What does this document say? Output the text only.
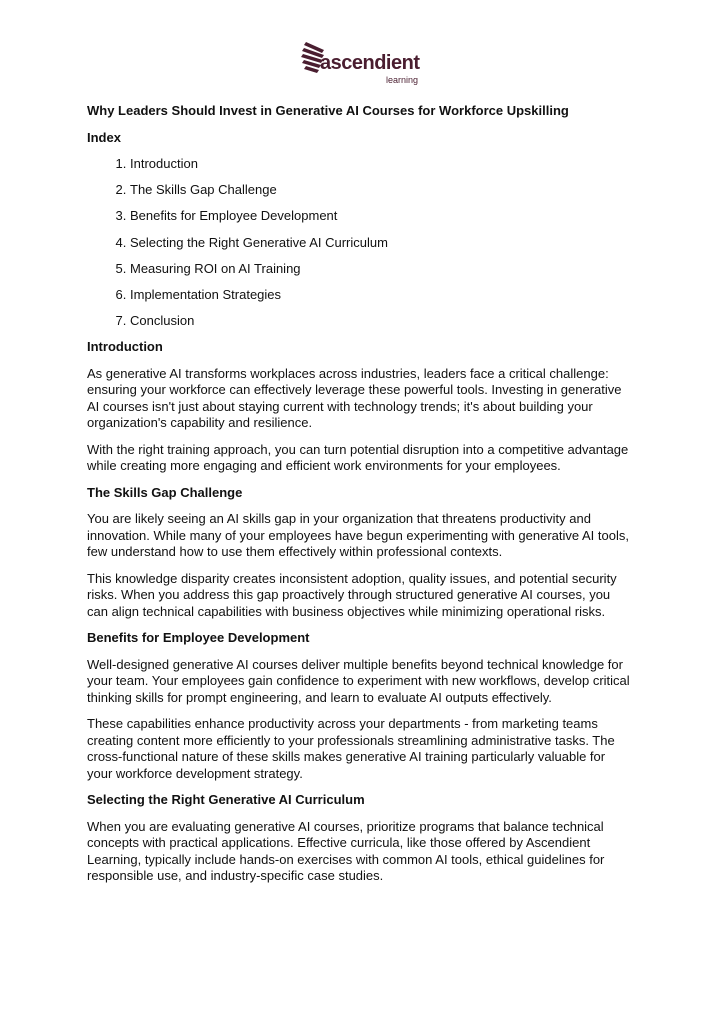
ascendient
learning
Why Leaders Should Invest in Generative AI Courses for Workforce Upskilling
Index
1. Introduction
2. The Skills Gap Challenge
3. Benefits for Employee Development
4. Selecting the Right Generative AI Curriculum
5. Measuring ROI on AI Training
6. Implementation Strategies
7. Conclusion
Introduction

As generative AI transforms workplaces across industries, leaders face a critical challenge: ensuring your workforce can effectively leverage these powerful tools. Investing in generative AI courses isn't just about staying current with technology trends; it's about building your organization's capability and resilience.

With the right training approach, you can turn potential disruption into a competitive advantage while creating more engaging and efficient work environments for your employees.

The Skills Gap Challenge

You are likely seeing an AI skills gap in your organization that threatens productivity and innovation. While many of your employees have begun experimenting with generative AI tools, few understand how to use them effectively within professional contexts.

This knowledge disparity creates inconsistent adoption, quality issues, and potential security risks. When you address this gap proactively through structured generative AI courses, you can align technical capabilities with business objectives while minimizing operational risks.

Benefits for Employee Development

Well-designed generative AI courses deliver multiple benefits beyond technical knowledge for your team. Your employees gain confidence to experiment with new workflows, develop critical thinking skills for prompt engineering, and learn to evaluate AI outputs effectively.

These capabilities enhance productivity across your departments - from marketing teams creating content more efficiently to your professionals streamlining administrative tasks. The cross-functional nature of these skills makes generative AI training particularly valuable for your workforce development strategy.

Selecting the Right Generative AI Curriculum

When you are evaluating generative AI courses, prioritize programs that balance technical concepts with practical applications. Effective curricula, like those offered by Ascendient Learning, typically include hands-on exercises with common AI tools, ethical guidelines for responsible use, and industry-specific case studies.
